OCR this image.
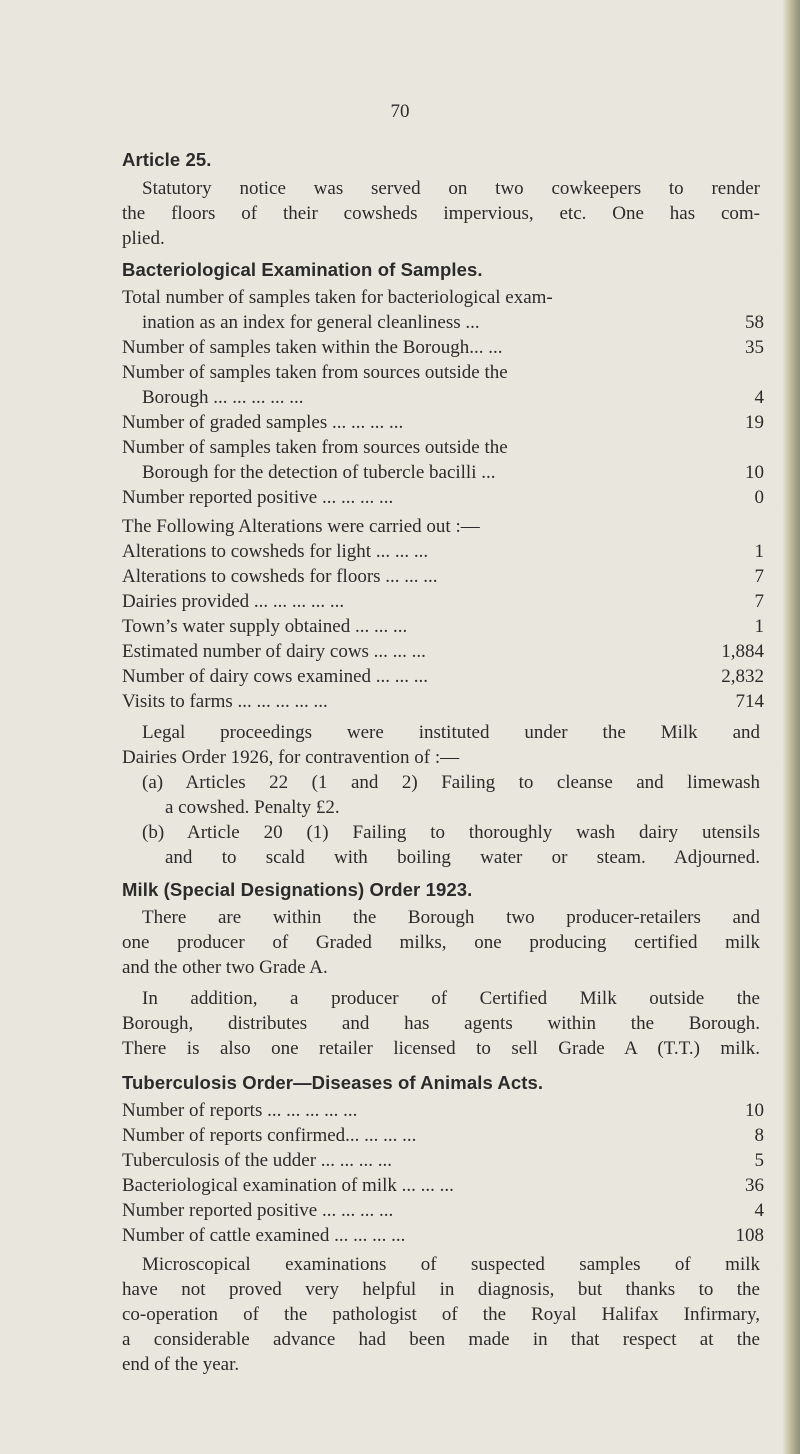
70
Article 25.
Statutory notice was served on two cowkeepers to render
the floors of their cowsheds impervious, etc. One has com-
plied.
Bacteriological Examination of Samples.
Total number of samples taken for bacteriological exam-
ination as an index for general cleanliness ...	58
Number of samples taken within the Borough... ...	35
Number of samples taken from sources outside the
Borough ... ... ... ... ...	4
Number of graded samples ... ... ... ...	19
Number of samples taken from sources outside the
Borough for the detection of tubercle bacilli ...	10
Number reported positive ... ... ... ...	0
The Following Alterations were carried out :—
Alterations to cowsheds for light ... ... ...	1
Alterations to cowsheds for floors ... ... ...	7
Dairies provided ... ... ... ... ...	7
Town’s water supply obtained ... ... ...	1
Estimated number of dairy cows ... ... ...	1,884
Number of dairy cows examined ... ... ...	2,832
Visits to farms ... ... ... ... ...	714
Legal proceedings were instituted under the Milk and
Dairies Order 1926, for contravention of :—
(a) Articles 22 (1 and 2) Failing to cleanse and limewash
a cowshed. Penalty £2.
(b) Article 20 (1) Failing to thoroughly wash dairy utensils
and to scald with boiling water or steam. Adjourned.
Milk (Special Designations) Order 1923.
There are within the Borough two producer-retailers and
one producer of Graded milks, one producing certified milk
and the other two Grade A.
In addition, a producer of Certified Milk outside the
Borough, distributes and has agents within the Borough.
There is also one retailer licensed to sell Grade A (T.T.) milk.
Tuberculosis Order—Diseases of Animals Acts.
Number of reports ... ... ... ... ...	10
Number of reports confirmed... ... ... ...	8
Tuberculosis of the udder ... ... ... ...	5
Bacteriological examination of milk ... ... ...	36
Number reported positive ... ... ... ...	4
Number of cattle examined ... ... ... ...	108
Microscopical examinations of suspected samples of milk
have not proved very helpful in diagnosis, but thanks to the
co-operation of the pathologist of the Royal Halifax Infirmary,
a considerable advance had been made in that respect at the
end of the year.
